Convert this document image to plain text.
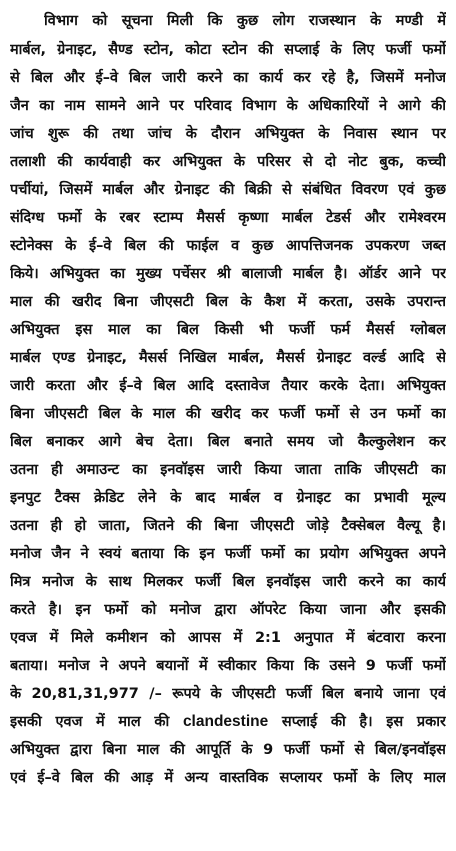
विभाग को सूचना मिली कि कुछ लोग राजस्थान के मण्डी में
मार्बल, ग्रेनाइट, सैण्ड स्टोन, कोटा स्टोन की सप्लाई के लिए फर्जी फर्मो
से बिल और ई–वे बिल जारी करने का कार्य कर रहे है, जिसमें मनोज
जैन का नाम सामने आने पर परिवाद विभाग के अधिकारियों ने आगे की
जांच शुरू की तथा जांच के दौरान अभियुक्त के निवास स्थान पर
तलाशी की कार्यवाही कर अभियुक्त के परिसर से दो नोट बुक, कच्ची
पर्चीयां, जिसमें मार्बल और ग्रेनाइट की बिक्री से संबंधित विवरण एवं कुछ
संदिग्ध फर्मो के रबर स्टाम्प मैसर्स कृष्णा मार्बल टेडर्स और रामेश्वरम
स्टोनेक्स के ई–वे बिल की फाईल व कुछ आपत्तिजनक उपकरण जब्त
किये। अभियुक्त का मुख्य पर्चेसर श्री बालाजी मार्बल है। ऑर्डर आने पर
माल की खरीद बिना जीएसटी बिल के कैश में करता, उसके उपरान्त
अभियुक्त इस माल का बिल किसी भी फर्जी फर्म मैसर्स ग्लोबल
मार्बल एण्ड ग्रेनाइट, मैसर्स निखिल मार्बल, मैसर्स ग्रेनाइट वर्ल्ड आदि से
जारी करता और ई–वे बिल आदि दस्तावेज तैयार करके देता। अभियुक्त
बिना जीएसटी बिल के माल की खरीद कर फर्जी फर्मो से उन फर्मो का
बिल बनाकर आगे बेच देता। बिल बनाते समय जो कैल्कुलेशन कर
उतना ही अमाउन्ट का इनवॉइस जारी किया जाता ताकि जीएसटी का
इनपुट टैक्स क्रेडिट लेने के बाद मार्बल व ग्रेनाइट का प्रभावी मूल्य
उतना ही हो जाता, जितने की बिना जीएसटी जोड़े टैक्सेबल वैल्यू है।
मनोज जैन ने स्वयं बताया कि इन फर्जी फर्मो का प्रयोग अभियुक्त अपने
मित्र मनोज के साथ मिलकर फर्जी बिल इनवॉइस जारी करने का कार्य
करते है। इन फर्मो को मनोज द्वारा ऑपरेट किया जाना और इसकी
एवज में मिले कमीशन को आपस में 2:1 अनुपात में बंटवारा करना
बताया। मनोज ने अपने बयानों में स्वीकार किया कि उसने 9 फर्जी फर्मो
के 20,81,31,977 /– रूपये के जीएसटी फर्जी बिल बनाये जाना एवं
इसकी एवज में माल की clandestine सप्लाई की है। इस प्रकार
अभियुक्त द्वारा बिना माल की आपूर्ति के 9 फर्जी फर्मो से बिल/इनवॉइस
एवं ई–वे बिल की आड़ में अन्य वास्तविक सप्लायर फर्मो के लिए माल
